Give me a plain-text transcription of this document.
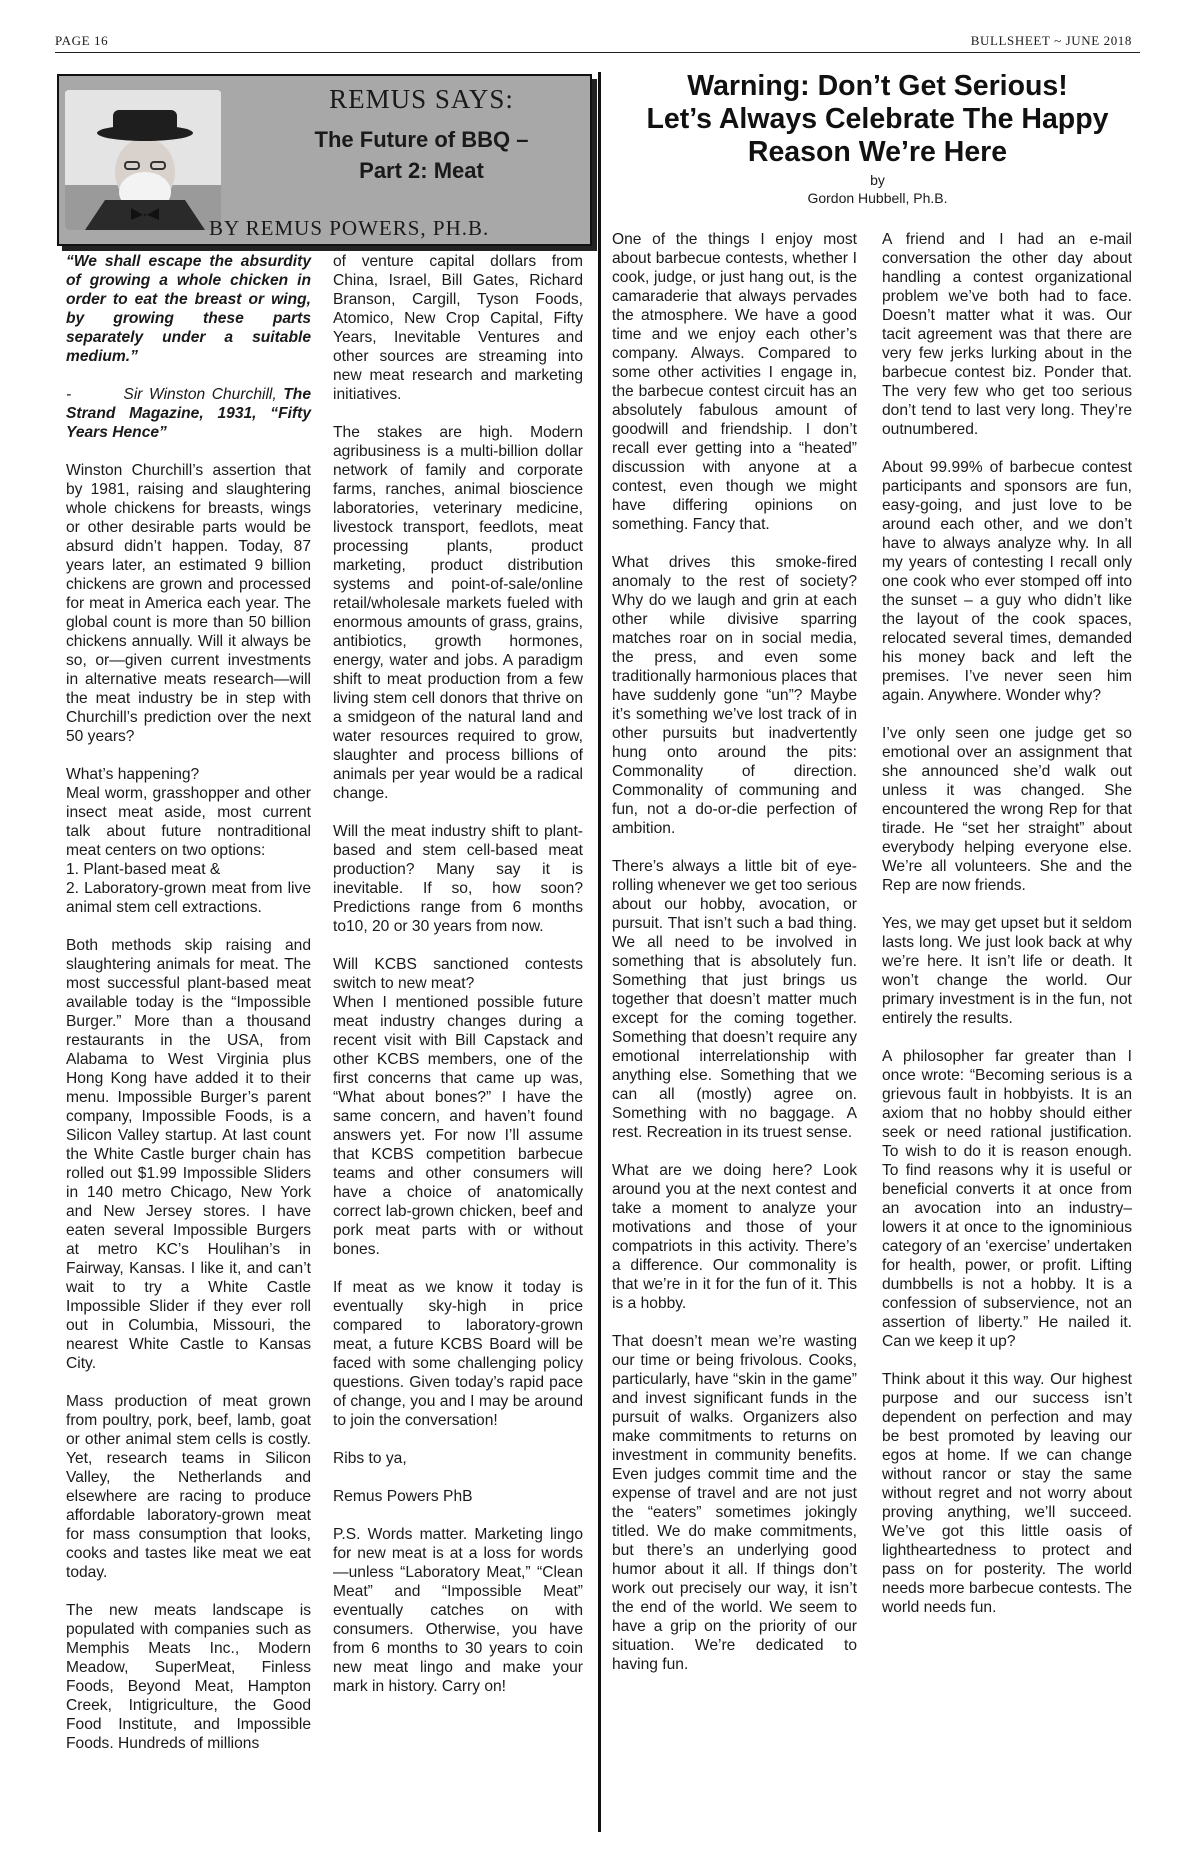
PAGE 16	BULLSHEET ~ JUNE 2018
REMUS SAYS:
The Future of BBQ –
Part 2: Meat
BY REMUS POWERS, PH.B.

“We shall escape the absurdity of growing a whole chicken in order to eat the breast or wing, by growing these parts separately under a suitable medium.”

-        Sir Winston Churchill, The Strand Magazine, 1931, “Fifty Years Hence”

Winston Churchill’s assertion that by 1981, raising and slaughtering whole chickens for breasts, wings or other desirable parts would be absurd didn’t happen. Today, 87 years later, an estimated 9 billion chickens are grown and processed for meat in America each year. The global count is more than 50 billion chickens annually. Will it always be so, or—given current investments in alternative meats research—will the meat industry be in step with Churchill’s prediction over the next 50 years?

What’s happening?
Meal worm, grasshopper and other insect meat aside, most current talk about future nontraditional meat centers on two options:
1. Plant-based meat &
2. Laboratory-grown meat from live animal stem cell extractions.

Both methods skip raising and slaughtering animals for meat. The most successful plant-based meat available today is the “Impossible Burger.” More than a thousand restaurants in the USA, from Alabama to West Virginia plus Hong Kong have added it to their menu. Impossible Burger’s parent company, Impossible Foods, is a Silicon Valley startup. At last count the White Castle burger chain has rolled out $1.99 Impossible Sliders in 140 metro Chicago, New York and New Jersey stores. I have eaten several Impossible Burgers at metro KC’s Houlihan’s in Fairway, Kansas. I like it, and can’t wait to try a White Castle Impossible Slider if they ever roll out in Columbia, Missouri, the nearest White Castle to Kansas City.

Mass production of meat grown from poultry, pork, beef, lamb, goat or other animal stem cells is costly. Yet, research teams in Silicon Valley, the Netherlands and elsewhere are racing to produce affordable laboratory-grown meat for mass consumption that looks, cooks and tastes like meat we eat today.

The new meats landscape is populated with companies such as Memphis Meats Inc., Modern Meadow, SuperMeat, Finless Foods, Beyond Meat, Hampton Creek, Intigriculture, the Good Food Institute, and Impossible Foods. Hundreds of millions

of venture capital dollars from China, Israel, Bill Gates, Richard Branson, Cargill, Tyson Foods, Atomico, New Crop Capital, Fifty Years, Inevitable Ventures and other sources are streaming into new meat research and marketing initiatives.

The stakes are high. Modern agribusiness is a multi-billion dollar network of family and corporate farms, ranches, animal bioscience laboratories, veterinary medicine, livestock transport, feedlots, meat processing plants, product marketing, product distribution systems and point-of-sale/online retail/wholesale markets fueled with enormous amounts of grass, grains, antibiotics, growth hormones, energy, water and jobs. A paradigm shift to meat production from a few living stem cell donors that thrive on a smidgeon of the natural land and water resources required to grow, slaughter and process billions of animals per year would be a radical change.

Will the meat industry shift to plant-based and stem cell-based meat production? Many say it is inevitable. If so, how soon? Predictions range from 6 months to10, 20 or 30 years from now.

Will KCBS sanctioned contests switch to new meat?
When I mentioned possible future meat industry changes during a recent visit with Bill Capstack and other KCBS members, one of the first concerns that came up was, “What about bones?” I have the same concern, and haven’t found answers yet. For now I’ll assume that KCBS competition barbecue teams and other consumers will have a choice of anatomically correct lab-grown chicken, beef and pork meat parts with or without bones.

If meat as we know it today is eventually sky-high in price compared to laboratory-grown meat, a future KCBS Board will be faced with some challenging policy questions. Given today’s rapid pace of change, you and I may be around to join the conversation!

Ribs to ya,

Remus Powers PhB

P.S. Words matter. Marketing lingo for new meat is at a loss for words—unless “Laboratory Meat,” “Clean Meat” and “Impossible Meat” eventually catches on with consumers. Otherwise, you have from 6 months to 30 years to coin new meat lingo and make your mark in history. Carry on!

Warning: Don’t Get Serious!
Let’s Always Celebrate The Happy
Reason We’re Here
by
Gordon Hubbell, Ph.B.

One of the things I enjoy most about barbecue contests, whether I cook, judge, or just hang out, is the camaraderie that always pervades the atmosphere. We have a good time and we enjoy each other’s company. Always. Compared to some other activities I engage in, the barbecue contest circuit has an absolutely fabulous amount of goodwill and friendship. I don’t recall ever getting into a “heated” discussion with anyone at a contest, even though we might have differing opinions on something. Fancy that.

What drives this smoke-fired anomaly to the rest of society? Why do we laugh and grin at each other while divisive sparring matches roar on in social media, the press, and even some traditionally harmonious places that have suddenly gone “un”? Maybe it’s something we’ve lost track of in other pursuits but inadvertently hung onto around the pits: Commonality of direction. Commonality of communing and fun, not a do-or-die perfection of ambition.

There’s always a little bit of eye-rolling whenever we get too serious about our hobby, avocation, or pursuit. That isn’t such a bad thing. We all need to be involved in something that is absolutely fun. Something that just brings us together that doesn’t matter much except for the coming together. Something that doesn’t require any emotional interrelationship with anything else. Something that we can all (mostly) agree on. Something with no baggage. A rest. Recreation in its truest sense.

What are we doing here? Look around you at the next contest and take a moment to analyze your motivations and those of your compatriots in this activity. There’s a difference. Our commonality is that we’re in it for the fun of it. This is a hobby.

That doesn’t mean we’re wasting our time or being frivolous. Cooks, particularly, have “skin in the game” and invest significant funds in the pursuit of walks. Organizers also make commitments to returns on investment in community benefits. Even judges commit time and the expense of travel and are not just the “eaters” sometimes jokingly titled. We do make commitments, but there’s an underlying good humor about it all. If things don’t work out precisely our way, it isn’t the end of the world. We seem to have a grip on the priority of our situation. We’re dedicated to having fun.

A friend and I had an e-mail conversation the other day about handling a contest organizational problem we’ve both had to face. Doesn’t matter what it was. Our tacit agreement was that there are very few jerks lurking about in the barbecue contest biz. Ponder that. The very few who get too serious don’t tend to last very long. They’re outnumbered.

About 99.99% of barbecue contest participants and sponsors are fun, easy-going, and just love to be around each other, and we don’t have to always analyze why. In all my years of contesting I recall only one cook who ever stomped off into the sunset – a guy who didn’t like the layout of the cook spaces, relocated several times, demanded his money back and left the premises. I’ve never seen him again. Anywhere. Wonder why?

I’ve only seen one judge get so emotional over an assignment that she announced she’d walk out unless it was changed. She encountered the wrong Rep for that tirade. He “set her straight” about everybody helping everyone else. We’re all volunteers. She and the Rep are now friends.

Yes, we may get upset but it seldom lasts long. We just look back at why we’re here. It isn’t life or death. It won’t change the world. Our primary investment is in the fun, not entirely the results.

A philosopher far greater than I once wrote: “Becoming serious is a grievous fault in hobbyists. It is an axiom that no hobby should either seek or need rational justification. To wish to do it is reason enough. To find reasons why it is useful or beneficial converts it at once from an avocation into an industry–lowers it at once to the ignominious category of an ‘exercise’ undertaken for health, power, or profit. Lifting dumbbells is not a hobby. It is a confession of subservience, not an assertion of liberty.” He nailed it. Can we keep it up?

Think about it this way. Our highest purpose and our success isn’t dependent on perfection and may be best promoted by leaving our egos at home. If we can change without rancor or stay the same without regret and not worry about proving anything, we’ll succeed. We’ve got this little oasis of lightheartedness to protect and pass on for posterity. The world needs more barbecue contests. The world needs fun.
